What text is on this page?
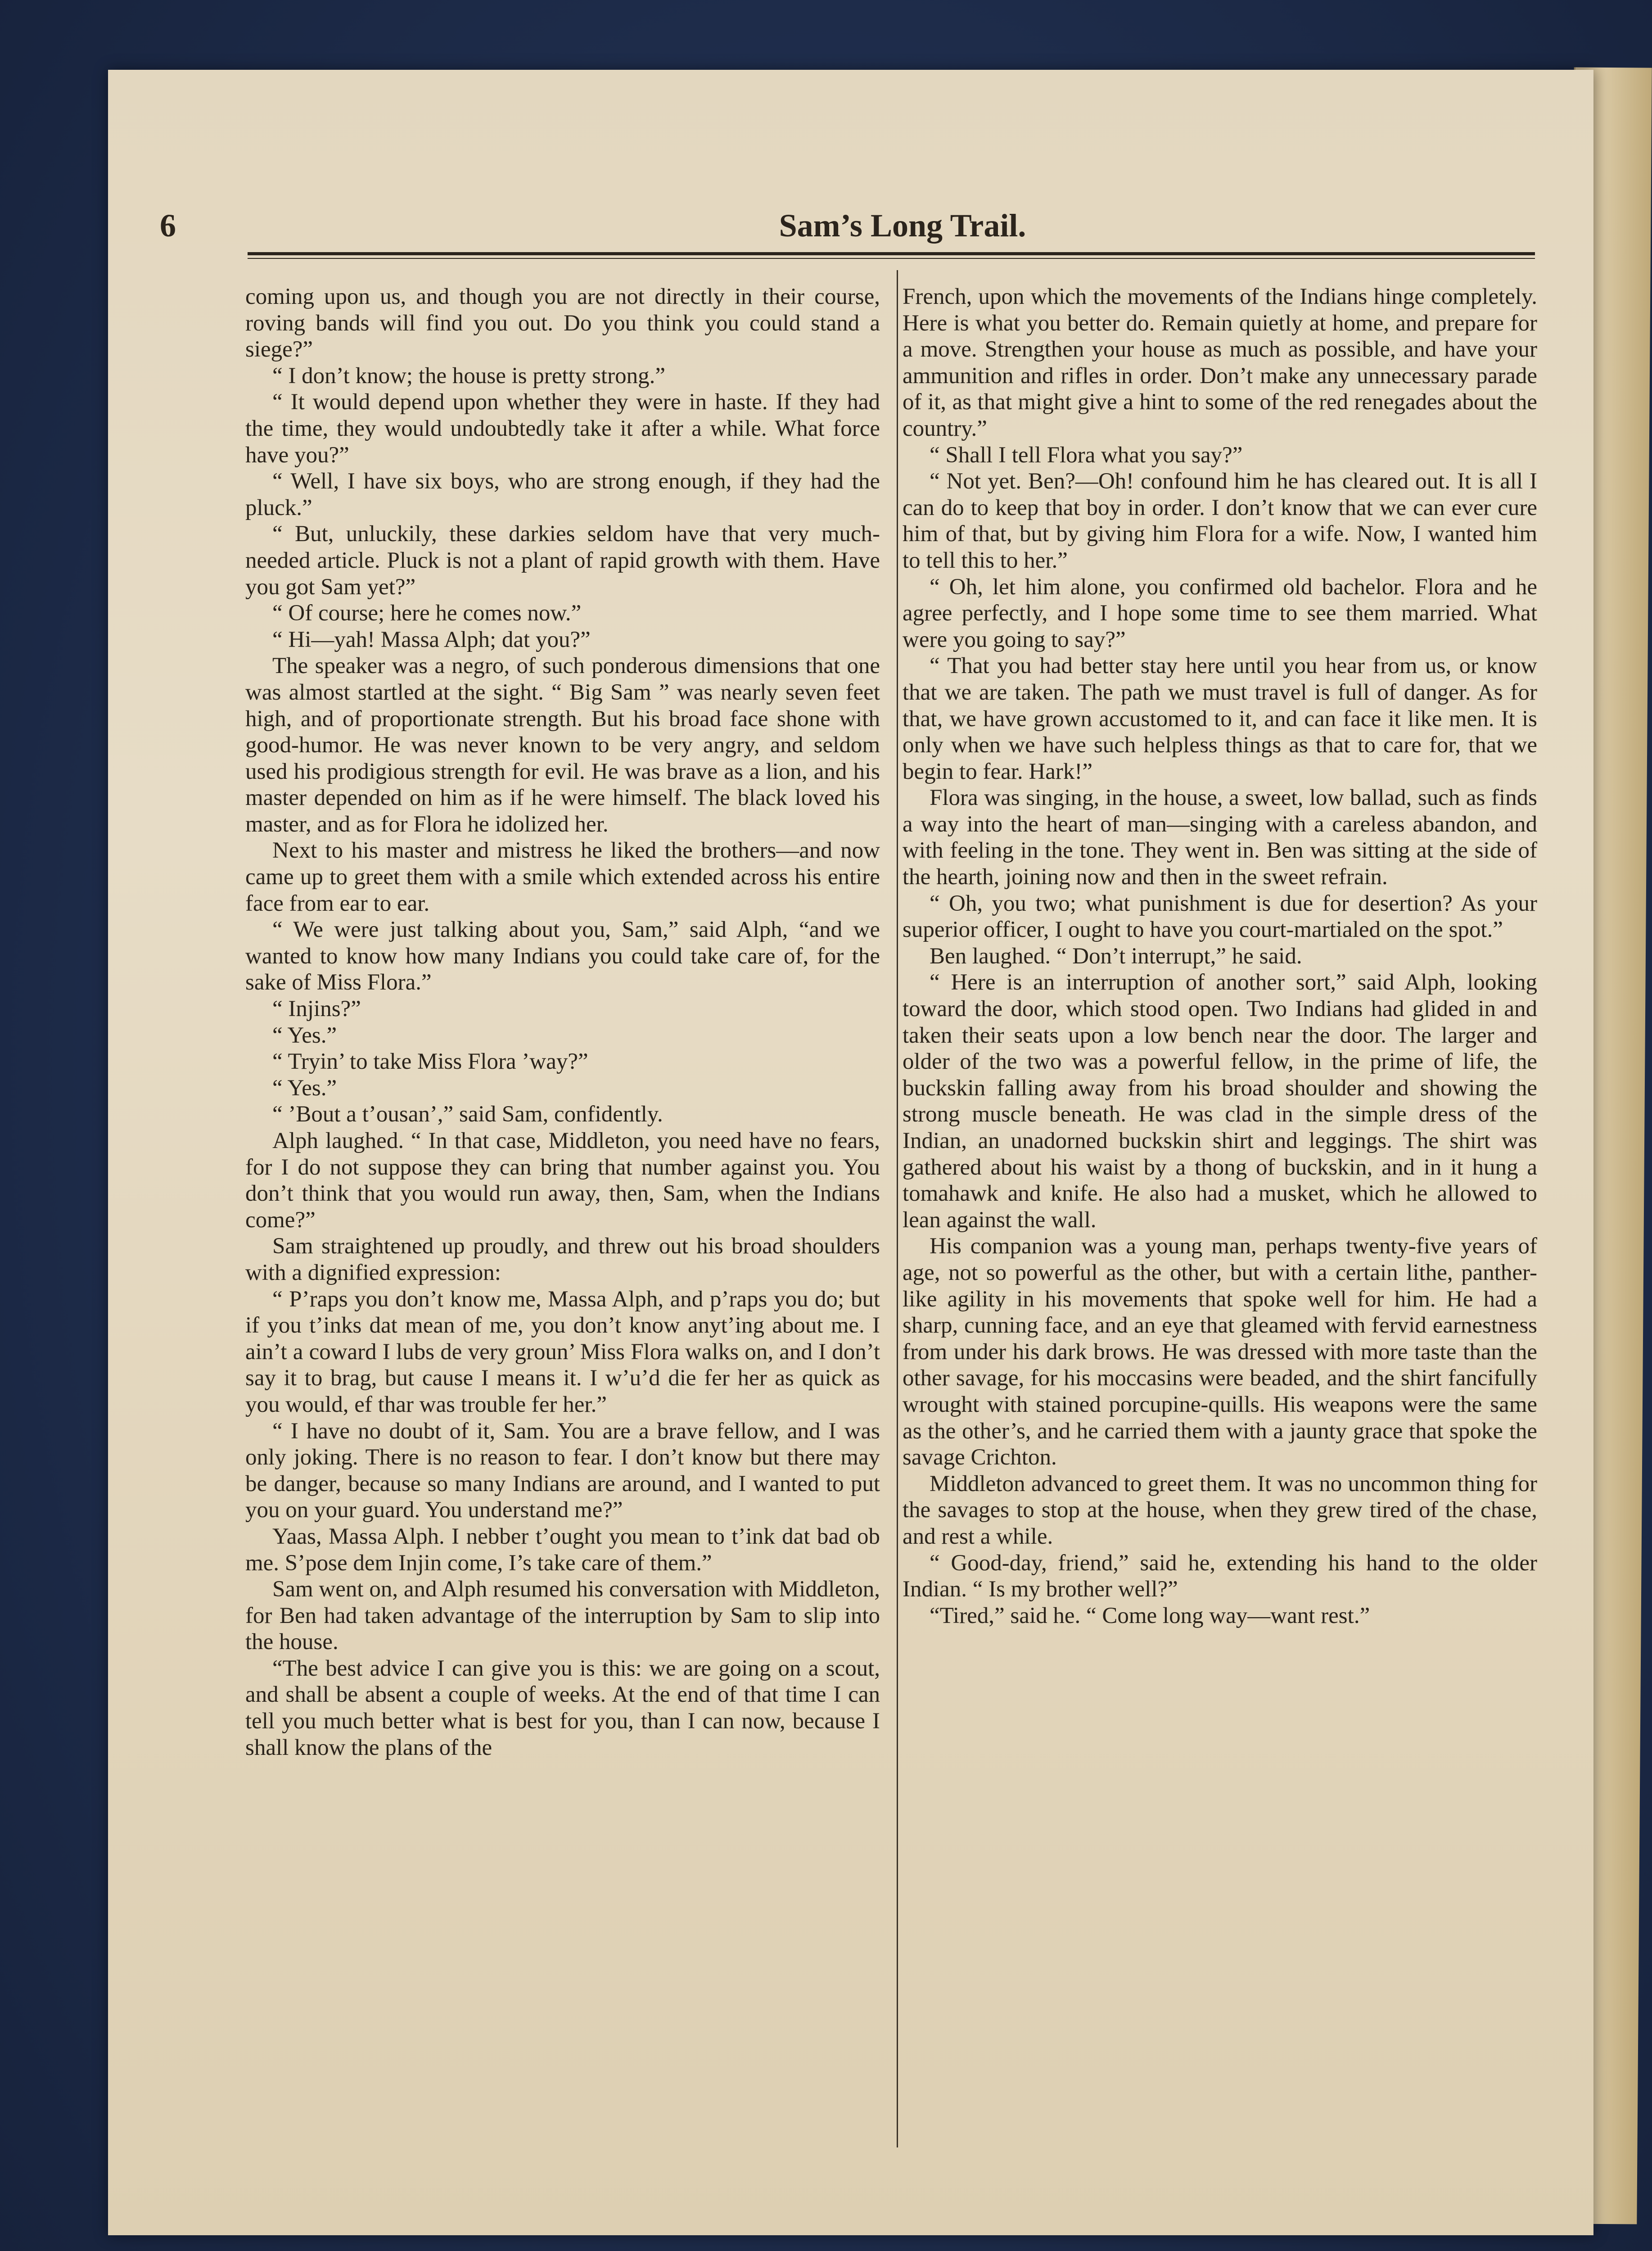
6	Sam’s Long Trail.

coming upon us, and though you are not directly in their course, roving bands will find you out. Do you think you could stand a siege?”

“ I don’t know; the house is pretty strong.”

“ It would depend upon whether they were in haste. If they had the time, they would undoubtedly take it after a while. What force have you?”

“ Well, I have six boys, who are strong enough, if they had the pluck.”

“ But, unluckily, these darkies seldom have that very much-needed article. Pluck is not a plant of rapid growth with them. Have you got Sam yet?”

“ Of course; here he comes now.”

“ Hi—yah! Massa Alph; dat you?”

The speaker was a negro, of such ponderous dimensions that one was almost startled at the sight. “ Big Sam ” was nearly seven feet high, and of proportionate strength. But his broad face shone with good-humor. He was never known to be very angry, and seldom used his prodigious strength for evil. He was brave as a lion, and his master depended on him as if he were himself. The black loved his master, and as for Flora he idolized her.

Next to his master and mistress he liked the brothers—and now came up to greet them with a smile which extended across his entire face from ear to ear.

“ We were just talking about you, Sam,” said Alph, “and we wanted to know how many Indians you could take care of, for the sake of Miss Flora.”

“ Injins?”

“ Yes.”

“ Tryin’ to take Miss Flora ’way?”

“ Yes.”

“ ’Bout a t’ousan’,” said Sam, confidently.

Alph laughed. “ In that case, Middleton, you need have no fears, for I do not suppose they can bring that number against you. You don’t think that you would run away, then, Sam, when the Indians come?”

Sam straightened up proudly, and threw out his broad shoulders with a dignified expression:

“ P’raps you don’t know me, Massa Alph, and p’raps you do; but if you t’inks dat mean of me, you don’t know anyt’ing about me. I ain’t a coward I lubs de very groun’ Miss Flora walks on, and I don’t say it to brag, but cause I means it. I w’u’d die fer her as quick as you would, ef thar was trouble fer her.”

“ I have no doubt of it, Sam. You are a brave fellow, and I was only joking. There is no reason to fear. I don’t know but there may be danger, because so many Indians are around, and I wanted to put you on your guard. You understand me?”

Yaas, Massa Alph. I nebber t’ought you mean to t’ink dat bad ob me. S’pose dem Injin come, I’s take care of them.”

Sam went on, and Alph resumed his conversation with Middleton, for Ben had taken advantage of the interruption by Sam to slip into the house.

“The best advice I can give you is this: we are going on a scout, and shall be absent a couple of weeks. At the end of that time I can tell you much better what is best for you, than I can now, because I shall know the plans of the

French, upon which the movements of the Indians hinge completely. Here is what you better do. Remain quietly at home, and prepare for a move. Strengthen your house as much as possible, and have your ammunition and rifles in order. Don’t make any unnecessary parade of it, as that might give a hint to some of the red renegades about the country.”

“ Shall I tell Flora what you say?”

“ Not yet. Ben?—Oh! confound him he has cleared out. It is all I can do to keep that boy in order. I don’t know that we can ever cure him of that, but by giving him Flora for a wife. Now, I wanted him to tell this to her.”

“ Oh, let him alone, you confirmed old bachelor. Flora and he agree perfectly, and I hope some time to see them married. What were you going to say?”

“ That you had better stay here until you hear from us, or know that we are taken. The path we must travel is full of danger. As for that, we have grown accustomed to it, and can face it like men. It is only when we have such helpless things as that to care for, that we begin to fear. Hark!”

Flora was singing, in the house, a sweet, low ballad, such as finds a way into the heart of man—singing with a careless abandon, and with feeling in the tone. They went in. Ben was sitting at the side of the hearth, joining now and then in the sweet refrain.

“ Oh, you two; what punishment is due for desertion? As your superior officer, I ought to have you court-martialed on the spot.”

Ben laughed. “ Don’t interrupt,” he said.

“ Here is an interruption of another sort,” said Alph, looking toward the door, which stood open. Two Indians had glided in and taken their seats upon a low bench near the door. The larger and older of the two was a powerful fellow, in the prime of life, the buckskin falling away from his broad shoulder and showing the strong muscle beneath. He was clad in the simple dress of the Indian, an unadorned buckskin shirt and leggings. The shirt was gathered about his waist by a thong of buckskin, and in it hung a tomahawk and knife. He also had a musket, which he allowed to lean against the wall.

His companion was a young man, perhaps twenty-five years of age, not so powerful as the other, but with a certain lithe, panther-like agility in his movements that spoke well for him. He had a sharp, cunning face, and an eye that gleamed with fervid earnestness from under his dark brows. He was dressed with more taste than the other savage, for his moccasins were beaded, and the shirt fancifully wrought with stained porcupine-quills. His weapons were the same as the other’s, and he carried them with a jaunty grace that spoke the savage Crichton.

Middleton advanced to greet them. It was no uncommon thing for the savages to stop at the house, when they grew tired of the chase, and rest a while.

“ Good-day, friend,” said he, extending his hand to the older Indian. “ Is my brother well?”

“Tired,” said he. “ Come long way—want rest.”
